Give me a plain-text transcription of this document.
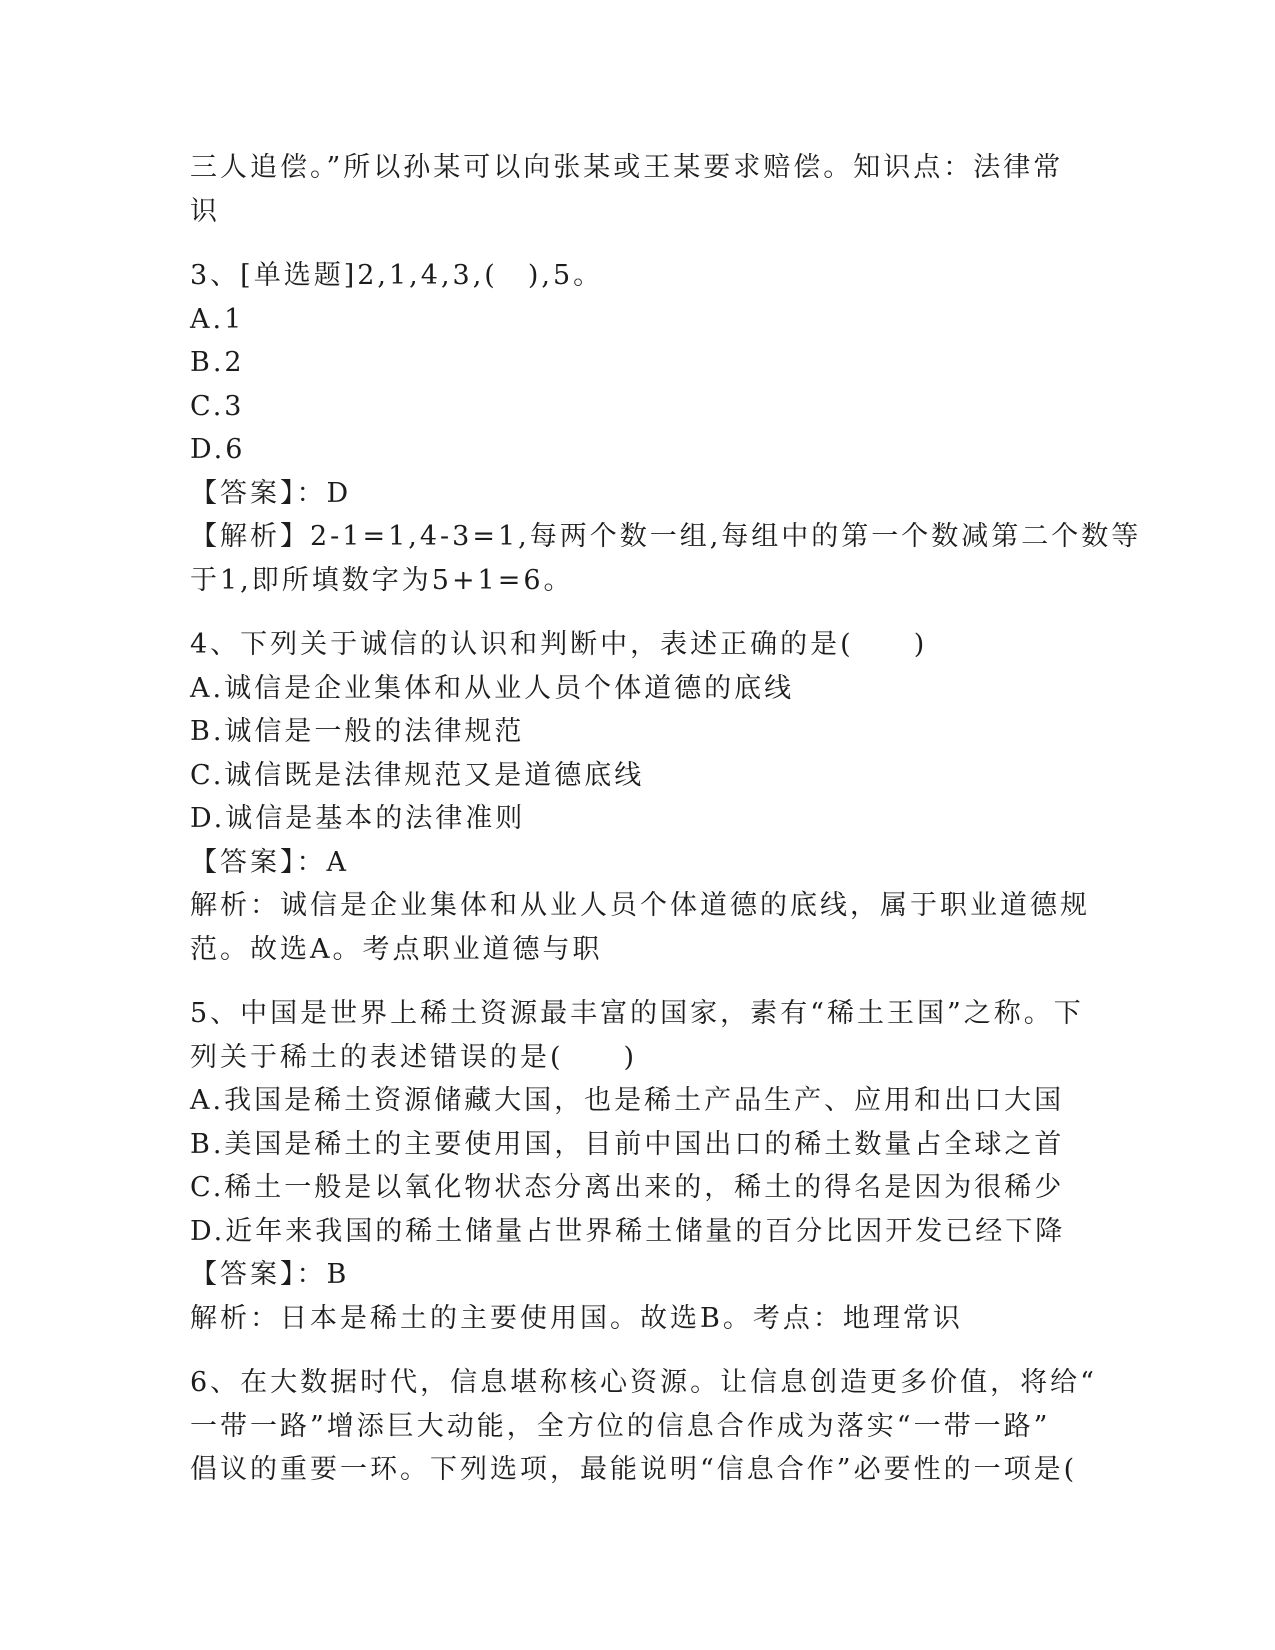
三人追偿。”所以孙某可以向张某或王某要求赔偿。知识点：法律常
识
3、[单选题]2,1,4,3,(　),5。
A.1
B.2
C.3
D.6
【答案】：D
【解析】2-1=1,4-3=1,每两个数一组,每组中的第一个数减第二个数等
于1,即所填数字为5+1=6。
4、下列关于诚信的认识和判断中，表述正确的是(　　)
A.诚信是企业集体和从业人员个体道德的底线
B.诚信是一般的法律规范
C.诚信既是法律规范又是道德底线
D.诚信是基本的法律准则
【答案】：A
解析：诚信是企业集体和从业人员个体道德的底线，属于职业道德规
范。故选A。考点职业道德与职
5、中国是世界上稀土资源最丰富的国家，素有“稀土王国”之称。下
列关于稀土的表述错误的是(　　)
A.我国是稀土资源储藏大国，也是稀土产品生产、应用和出口大国
B.美国是稀土的主要使用国，目前中国出口的稀土数量占全球之首
C.稀土一般是以氧化物状态分离出来的，稀土的得名是因为很稀少
D.近年来我国的稀土储量占世界稀土储量的百分比因开发已经下降
【答案】：B
解析：日本是稀土的主要使用国。故选B。考点：地理常识
6、在大数据时代，信息堪称核心资源。让信息创造更多价值，将给“
一带一路”增添巨大动能，全方位的信息合作成为落实“一带一路”
倡议的重要一环。下列选项，最能说明“信息合作”必要性的一项是(
